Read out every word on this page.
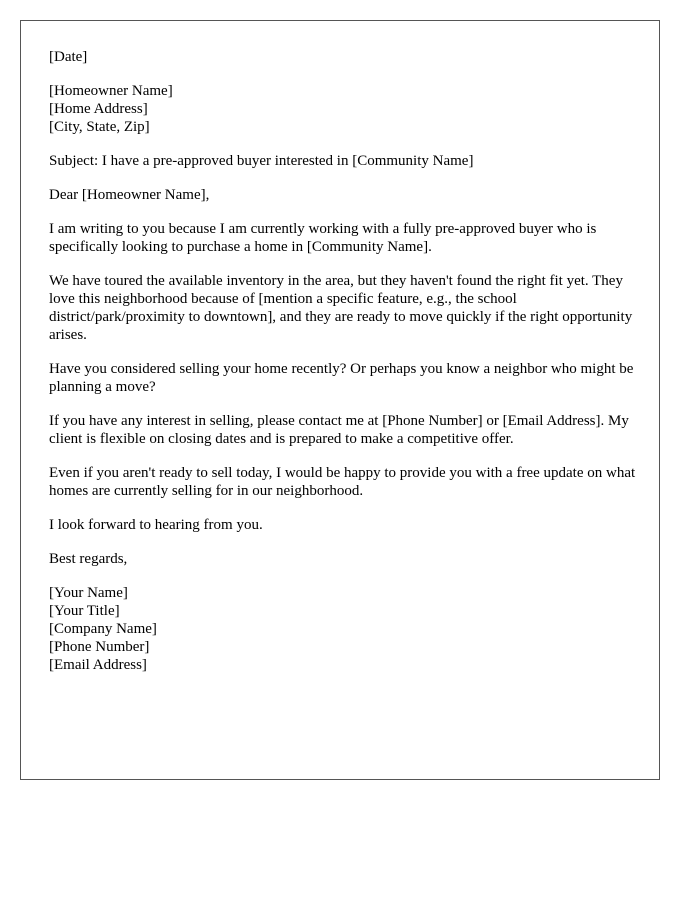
[Date]

[Homeowner Name]
[Home Address]
[City, State, Zip]

Subject: I have a pre-approved buyer interested in [Community Name]

Dear [Homeowner Name],

I am writing to you because I am currently working with a fully pre-approved buyer who is specifically looking to purchase a home in [Community Name].

We have toured the available inventory in the area, but they haven't found the right fit yet. They love this neighborhood because of [mention a specific feature, e.g., the school district/park/proximity to downtown], and they are ready to move quickly if the right opportunity arises.

Have you considered selling your home recently? Or perhaps you know a neighbor who might be planning a move?

If you have any interest in selling, please contact me at [Phone Number] or [Email Address]. My client is flexible on closing dates and is prepared to make a competitive offer.

Even if you aren't ready to sell today, I would be happy to provide you with a free update on what homes are currently selling for in our neighborhood.

I look forward to hearing from you.

Best regards,

[Your Name]
[Your Title]
[Company Name]
[Phone Number]
[Email Address]
